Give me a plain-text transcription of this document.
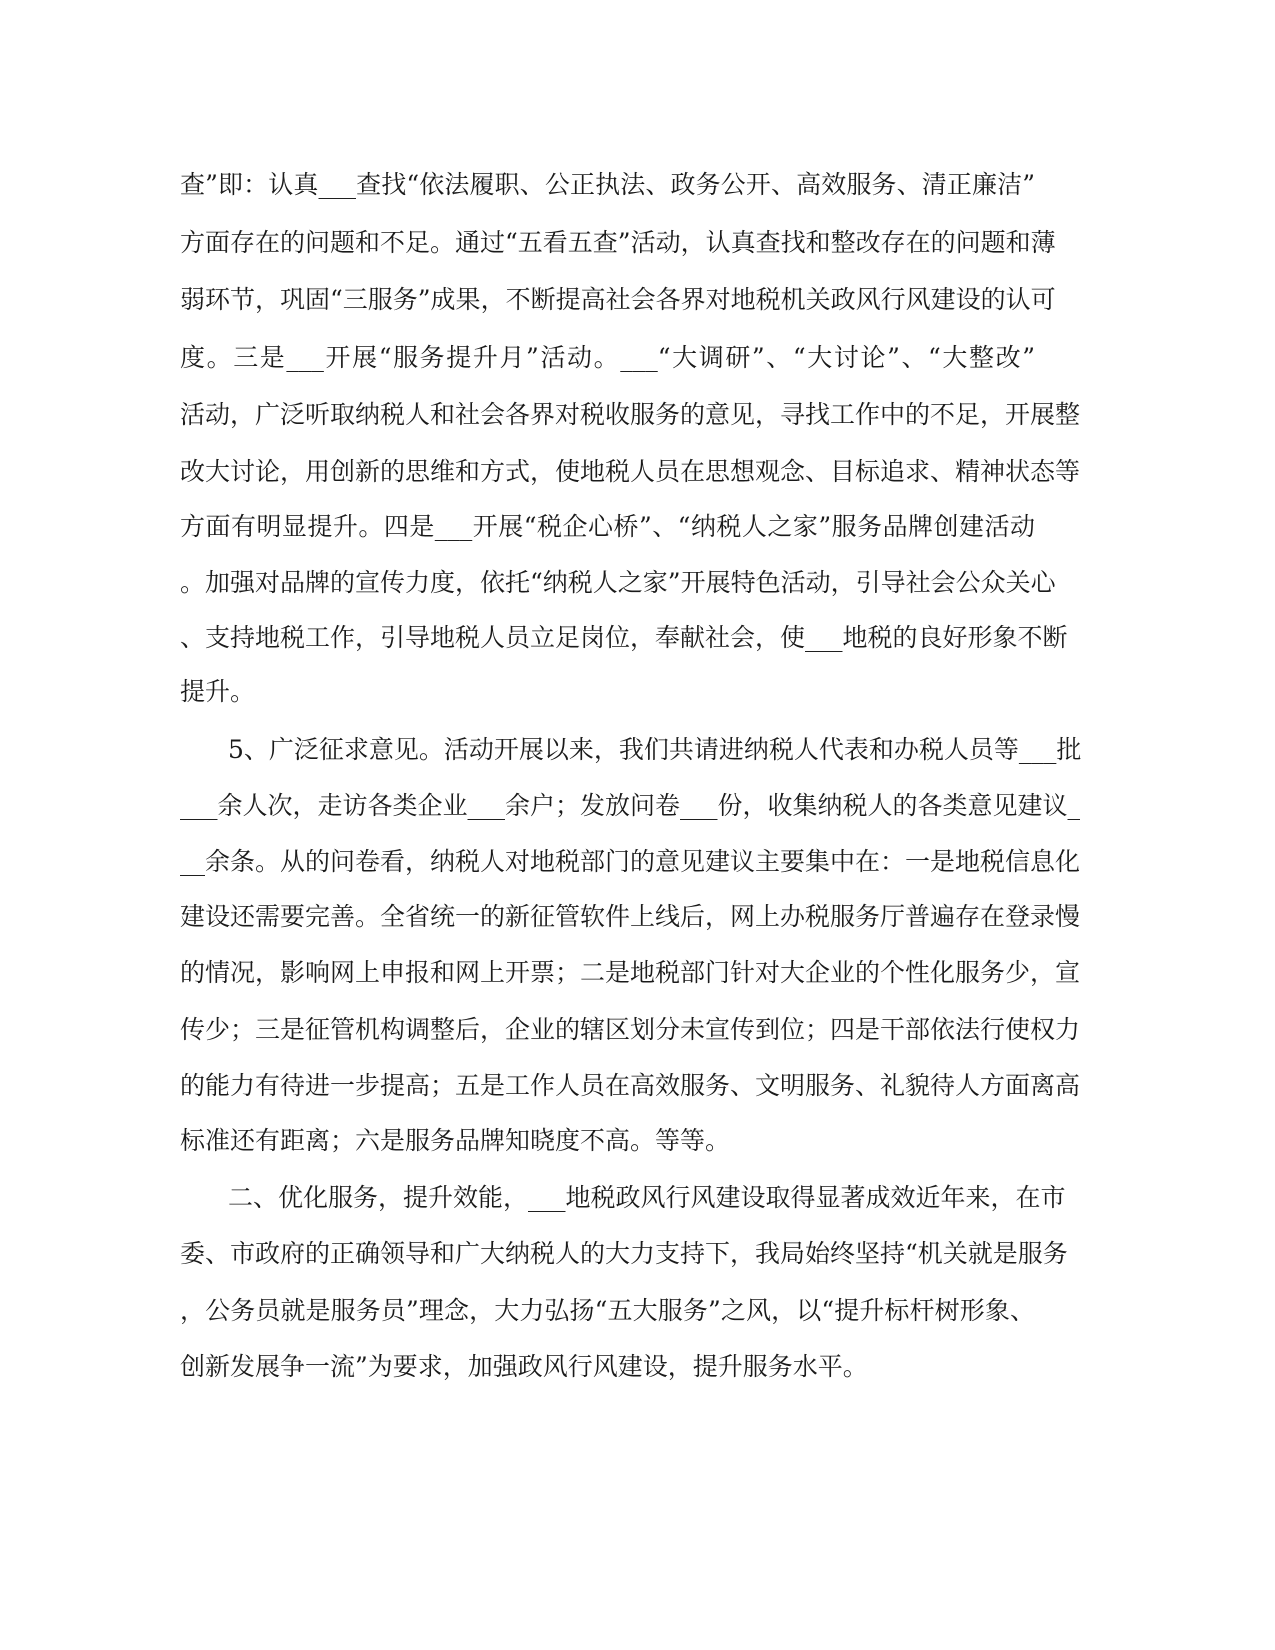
查”即：认真___查找“依法履职、公正执法、政务公开、高效服务、清正廉洁”
方面存在的问题和不足。通过“五看五查”活动，认真查找和整改存在的问题和薄
弱环节，巩固“三服务”成果，不断提高社会各界对地税机关政风行风建设的认可
度。三是___开展“服务提升月”活动。___“大调研”、“大讨论”、“大整改”
活动，广泛听取纳税人和社会各界对税收服务的意见，寻找工作中的不足，开展整
改大讨论，用创新的思维和方式，使地税人员在思想观念、目标追求、精神状态等
方面有明显提升。四是___开展“税企心桥”、“纳税人之家”服务品牌创建活动
。加强对品牌的宣传力度，依托“纳税人之家”开展特色活动，引导社会公众关心
、支持地税工作，引导地税人员立足岗位，奉献社会，使___地税的良好形象不断
提升。
5、广泛征求意见。活动开展以来，我们共请进纳税人代表和办税人员等___批
___余人次，走访各类企业___余户；发放问卷___份，收集纳税人的各类意见建议_
__余条。从的问卷看，纳税人对地税部门的意见建议主要集中在：一是地税信息化
建设还需要完善。全省统一的新征管软件上线后，网上办税服务厅普遍存在登录慢
的情况，影响网上申报和网上开票；二是地税部门针对大企业的个性化服务少，宣
传少；三是征管机构调整后，企业的辖区划分未宣传到位；四是干部依法行使权力
的能力有待进一步提高；五是工作人员在高效服务、文明服务、礼貌待人方面离高
标准还有距离；六是服务品牌知晓度不高。等等。
二、优化服务，提升效能，___地税政风行风建设取得显著成效近年来，在市
委、市政府的正确领导和广大纳税人的大力支持下，我局始终坚持“机关就是服务
，公务员就是服务员”理念，大力弘扬“五大服务”之风，以“提升标杆树形象、
创新发展争一流”为要求，加强政风行风建设，提升服务水平。
